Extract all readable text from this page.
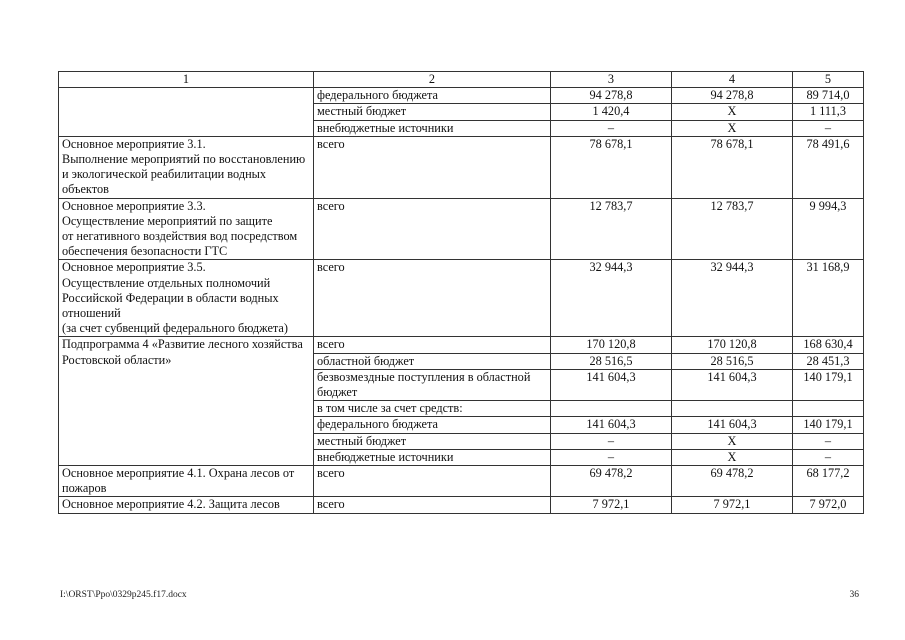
1	2	3	4	5
	федерального бюджета	94 278,8	94 278,8	89 714,0
	местный бюджет	1 420,4	Х	1 111,3
	внебюджетные источники	–	Х	–
Основное мероприятие 3.1.
Выполнение мероприятий по восстановлению и экологической реабилитации водных объектов	всего	78 678,1	78 678,1	78 491,6
Основное мероприятие 3.3.
Осуществление мероприятий по защите
от негативного воздействия вод посредством обеспечения безопасности ГТС	всего	12 783,7	12 783,7	9 994,3
Основное мероприятие 3.5.
Осуществление отдельных полномочий Российской Федерации в области водных отношений
(за счет субвенций федерального бюджета)	всего	32 944,3	32 944,3	31 168,9
Подпрограмма 4 «Развитие лесного хозяйства Ростовской области»	всего	170 120,8	170 120,8	168 630,4
	областной бюджет	28 516,5	28 516,5	28 451,3
	безвозмездные поступления в областной бюджет	141 604,3	141 604,3	140 179,1
	в том числе за счет средств:			
	федерального бюджета	141 604,3	141 604,3	140 179,1
	местный бюджет	–	Х	–
	внебюджетные источники	–	Х	–
Основное мероприятие 4.1. Охрана лесов от пожаров	всего	69 478,2	69 478,2	68 177,2
Основное мероприятие 4.2. Защита лесов	всего	7 972,1	7 972,1	7 972,0
I:\ORST\Ppo\0329p245.f17.docx	36
